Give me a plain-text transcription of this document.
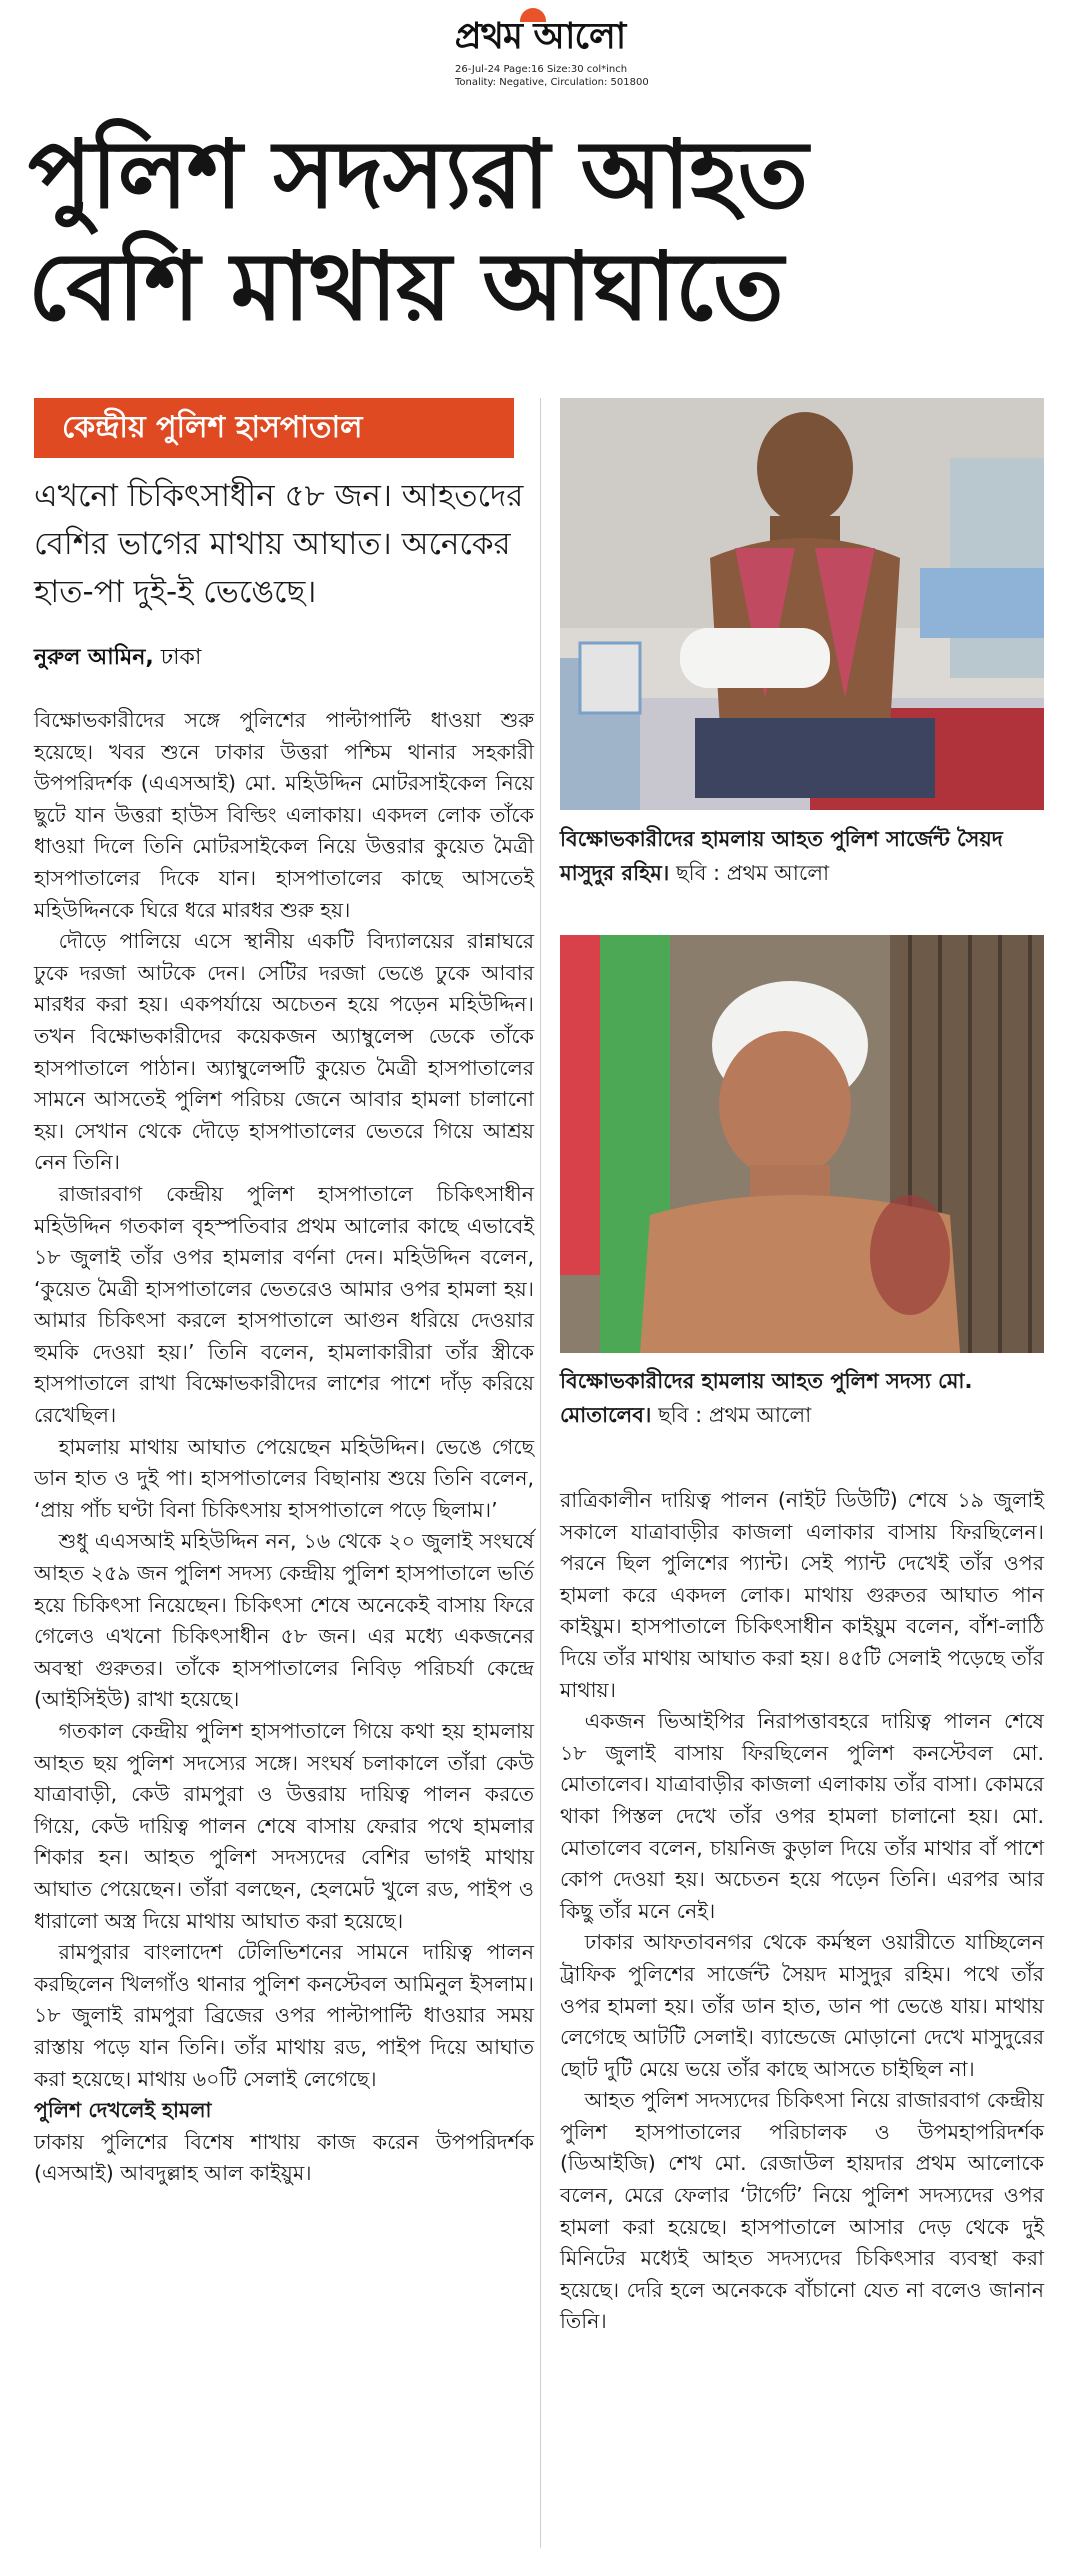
প্রথম আলো
26-Jul-24 Page:16 Size:30 col*inch
Tonality: Negative, Circulation: 501800
পুলিশ সদস্যরা আহত
বেশি মাথায় আঘাতে
কেন্দ্রীয় পুলিশ হাসপাতাল
এখনো চিকিৎসাধীন ৫৮ জন। আহতদের বেশির ভাগের মাথায় আঘাত। অনেকের হাত-পা দুই-ই ভেঙেছে।
নুরুল আমিন, ঢাকা

বিক্ষোভকারীদের সঙ্গে পুলিশের পাল্টাপাল্টি ধাওয়া শুরু হয়েছে। খবর শুনে ঢাকার উত্তরা পশ্চিম থানার সহকারী উপপরিদর্শক (এএসআই) মো. মহিউদ্দিন মোটরসাইকেল নিয়ে ছুটে যান উত্তরা হাউস বিল্ডিং এলাকায়। একদল লোক তাঁকে ধাওয়া দিলে তিনি মোটরসাইকেল নিয়ে উত্তরার কুয়েত মৈত্রী হাসপাতালের দিকে যান। হাসপাতালের কাছে আসতেই মহিউদ্দিনকে ঘিরে ধরে মারধর শুরু হয়।

দৌড়ে পালিয়ে এসে স্থানীয় একটি বিদ্যালয়ের রান্নাঘরে ঢুকে দরজা আটকে দেন। সেটির দরজা ভেঙে ঢুকে আবার মারধর করা হয়। একপর্যায়ে অচেতন হয়ে পড়েন মহিউদ্দিন। তখন বিক্ষোভকারীদের কয়েকজন অ্যাম্বুলেন্স ডেকে তাঁকে হাসপাতালে পাঠান। অ্যাম্বুলেন্সটি কুয়েত মৈত্রী হাসপাতালের সামনে আসতেই পুলিশ পরিচয় জেনে আবার হামলা চালানো হয়। সেখান থেকে দৌড়ে হাসপাতালের ভেতরে গিয়ে আশ্রয় নেন তিনি।

রাজারবাগ কেন্দ্রীয় পুলিশ হাসপাতালে চিকিৎসাধীন মহিউদ্দিন গতকাল বৃহস্পতিবার প্রথম আলোর কাছে এভাবেই ১৮ জুলাই তাঁর ওপর হামলার বর্ণনা দেন। মহিউদ্দিন বলেন, ‘কুয়েত মৈত্রী হাসপাতালের ভেতরেও আমার ওপর হামলা হয়। আমার চিকিৎসা করলে হাসপাতালে আগুন ধরিয়ে দেওয়ার হুমকি দেওয়া হয়।’ তিনি বলেন, হামলাকারীরা তাঁর স্ত্রীকে হাসপাতালে রাখা বিক্ষোভকারীদের লাশের পাশে দাঁড় করিয়ে রেখেছিল।

হামলায় মাথায় আঘাত পেয়েছেন মহিউদ্দিন। ভেঙে গেছে ডান হাত ও দুই পা। হাসপাতালের বিছানায় শুয়ে তিনি বলেন, ‘প্রায় পাঁচ ঘণ্টা বিনা চিকিৎসায় হাসপাতালে পড়ে ছিলাম।’

শুধু এএসআই মহিউদ্দিন নন, ১৬ থেকে ২০ জুলাই সংঘর্ষে আহত ২৫৯ জন পুলিশ সদস্য কেন্দ্রীয় পুলিশ হাসপাতালে ভর্তি হয়ে চিকিৎসা নিয়েছেন। চিকিৎসা শেষে অনেকেই বাসায় ফিরে গেলেও এখনো চিকিৎসাধীন ৫৮ জন। এর মধ্যে একজনের অবস্থা গুরুতর। তাঁকে হাসপাতালের নিবিড় পরিচর্যা কেন্দ্রে (আইসিইউ) রাখা হয়েছে।

গতকাল কেন্দ্রীয় পুলিশ হাসপাতালে গিয়ে কথা হয় হামলায় আহত ছয় পুলিশ সদস্যের সঙ্গে। সংঘর্ষ চলাকালে তাঁরা কেউ যাত্রাবাড়ী, কেউ রামপুরা ও উত্তরায় দায়িত্ব পালন করতে গিয়ে, কেউ দায়িত্ব পালন শেষে বাসায় ফেরার পথে হামলার শিকার হন। আহত পুলিশ সদস্যদের বেশির ভাগই মাথায় আঘাত পেয়েছেন। তাঁরা বলছেন, হেলমেট খুলে রড, পাইপ ও ধারালো অস্ত্র দিয়ে মাথায় আঘাত করা হয়েছে।

রামপুরার বাংলাদেশ টেলিভিশনের সামনে দায়িত্ব পালন করছিলেন খিলগাঁও থানার পুলিশ কনস্টেবল আমিনুল ইসলাম। ১৮ জুলাই রামপুরা ব্রিজের ওপর পাল্টাপাল্টি ধাওয়ার সময় রাস্তায় পড়ে যান তিনি। তাঁর মাথায় রড, পাইপ দিয়ে আঘাত করা হয়েছে। মাথায় ৬০টি সেলাই লেগেছে।

পুলিশ দেখলেই হামলা

ঢাকায় পুলিশের বিশেষ শাখায় কাজ করেন উপপরিদর্শক (এসআই) আবদুল্লাহ আল কাইয়ুম।

বিক্ষোভকারীদের হামলায় আহত পুলিশ সার্জেন্ট সৈয়দ মাসুদুর রহিম। ছবি : প্রথম আলো
বিক্ষোভকারীদের হামলায় আহত পুলিশ সদস্য মো. মোতালেব। ছবি : প্রথম আলো

রাত্রিকালীন দায়িত্ব পালন (নাইট ডিউটি) শেষে ১৯ জুলাই সকালে যাত্রাবাড়ীর কাজলা এলাকার বাসায় ফিরছিলেন। পরনে ছিল পুলিশের প্যান্ট। সেই প্যান্ট দেখেই তাঁর ওপর হামলা করে একদল লোক। মাথায় গুরুতর আঘাত পান কাইয়ুম। হাসপাতালে চিকিৎসাধীন কাইয়ুম বলেন, বাঁশ-লাঠি দিয়ে তাঁর মাথায় আঘাত করা হয়। ৪৫টি সেলাই পড়েছে তাঁর মাথায়।

একজন ভিআইপির নিরাপত্তাবহরে দায়িত্ব পালন শেষে ১৮ জুলাই বাসায় ফিরছিলেন পুলিশ কনস্টেবল মো. মোতালেব। যাত্রাবাড়ীর কাজলা এলাকায় তাঁর বাসা। কোমরে থাকা পিস্তল দেখে তাঁর ওপর হামলা চালানো হয়। মো. মোতালেব বলেন, চায়নিজ কুড়াল দিয়ে তাঁর মাথার বাঁ পাশে কোপ দেওয়া হয়। অচেতন হয়ে পড়েন তিনি। এরপর আর কিছু তাঁর মনে নেই।

ঢাকার আফতাবনগর থেকে কর্মস্থল ওয়ারীতে যাচ্ছিলেন ট্রাফিক পুলিশের সার্জেন্ট সৈয়দ মাসুদুর রহিম। পথে তাঁর ওপর হামলা হয়। তাঁর ডান হাত, ডান পা ভেঙে যায়। মাথায় লেগেছে আটটি সেলাই। ব্যান্ডেজে মোড়ানো দেখে মাসুদুরের ছোট দুটি মেয়ে ভয়ে তাঁর কাছে আসতে চাইছিল না।

আহত পুলিশ সদস্যদের চিকিৎসা নিয়ে রাজারবাগ কেন্দ্রীয় পুলিশ হাসপাতালের পরিচালক ও উপমহাপরিদর্শক (ডিআইজি) শেখ মো. রেজাউল হায়দার প্রথম আলোকে বলেন, মেরে ফেলার ‘টার্গেট’ নিয়ে পুলিশ সদস্যদের ওপর হামলা করা হয়েছে। হাসপাতালে আসার দেড় থেকে দুই মিনিটের মধ্যেই আহত সদস্যদের চিকিৎসার ব্যবস্থা করা হয়েছে। দেরি হলে অনেককে বাঁচানো যেত না বলেও জানান তিনি।
